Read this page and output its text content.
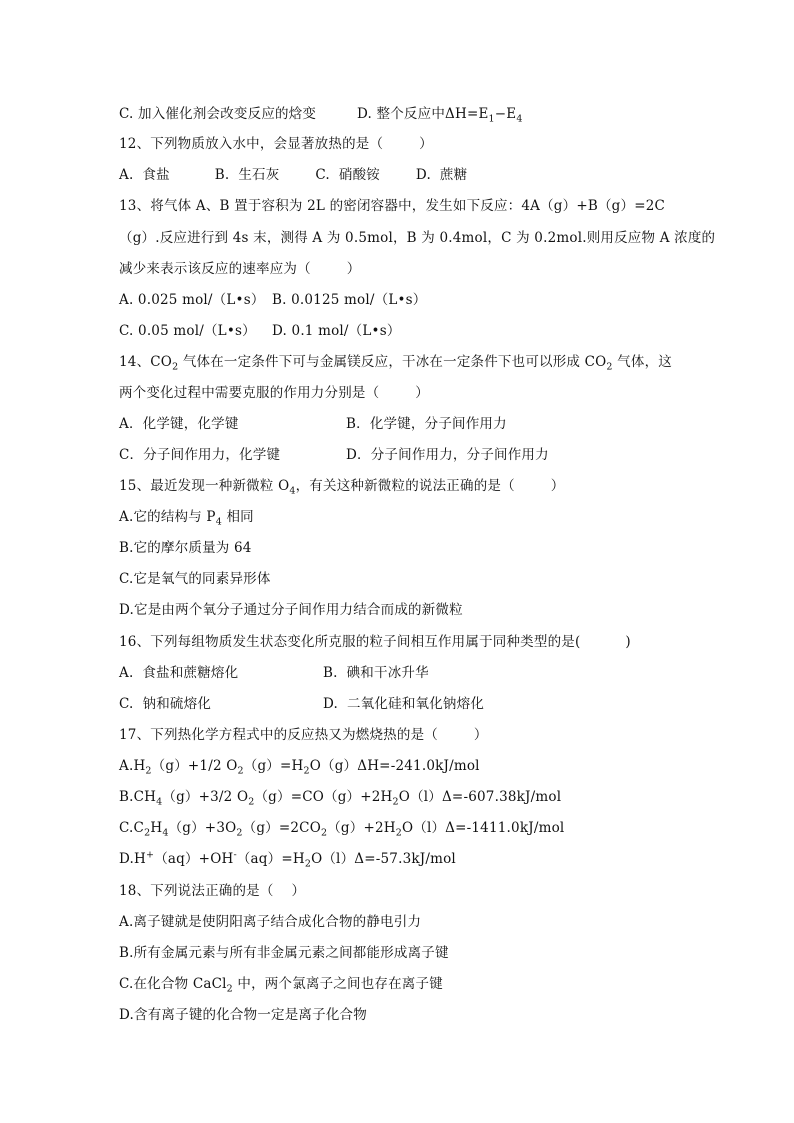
C. 加入催化剂会改变反应的焓变	D. 整个反应中$\Delta H=E_1-E_4$
12、下列物质放入水中，会显著放热的是（        ）
A.  食盐          B.  生石灰        C.  硝酸铵        D.  蔗糖
13、将气体 A、B 置于容积为 2L 的密闭容器中，发生如下反应：4A（g）+B（g）=2C
（g）.反应进行到 4s 末，测得 A 为 0.5mol，B 为 0.4mol，C 为 0.2mol.则用反应物 A 浓度的
减少来表示该反应的速率应为（        ）
A. 0.025 mol/（L•s） B. 0.0125 mol/（L•s）
C. 0.05 mol/（L•s） D. 0.1 mol/（L•s）
14、$CO_2$ 气体在一定条件下可与金属镁反应，干冰在一定条件下也可以形成 $CO_2$ 气体，这
两个变化过程中需要克服的作用力分别是（        ）
A．化学键，化学键	B．化学键，分子间作用力
C．分子间作用力，化学键	D．分子间作用力，分子间作用力
15、最近发现一种新微粒 $O_4$，有关这种新微粒的说法正确的是（        ）
A.它的结构与 $P_4$ 相同
B.它的摩尔质量为 64
C.它是氧气的同素异形体
D.它是由两个氧分子通过分子间作用力结合而成的新微粒
16、下列每组物质发生状态变化所克服的粒子间相互作用属于同种类型的是(          )
A.  食盐和蔗糖熔化	B.  碘和干冰升华
C.  钠和硫熔化	D.  二氧化硅和氧化钠熔化
17、下列热化学方程式中的反应热又为燃烧热的是（        ）
$A.H_2(g)+1/2$ $O_2(g)=H_2O(g)\Delta H=-241.0kJ$/mol
$B.CH_4(g)+3/2$ $O_2(g)=CO(g)+2H_2O(l)\Delta=-607.38kJ$/mol
$C.C_2H_4(g)+3O_2(g)=2CO_2(g)+2H_2O(l)\Delta=-1411.0kJ$/mol
$D.H^+(aq)+OH^-(aq)=H_2O(l)\Delta=-57.3kJ$/mol
18、下列说法正确的是（    ）
A.离子键就是使阴阳离子结合成化合物的静电引力
B.所有金属元素与所有非金属元素之间都能形成离子键
C.在化合物 CaCl$_2$ 中，两个氯离子之间也存在离子键
D.含有离子键的化合物一定是离子化合物
